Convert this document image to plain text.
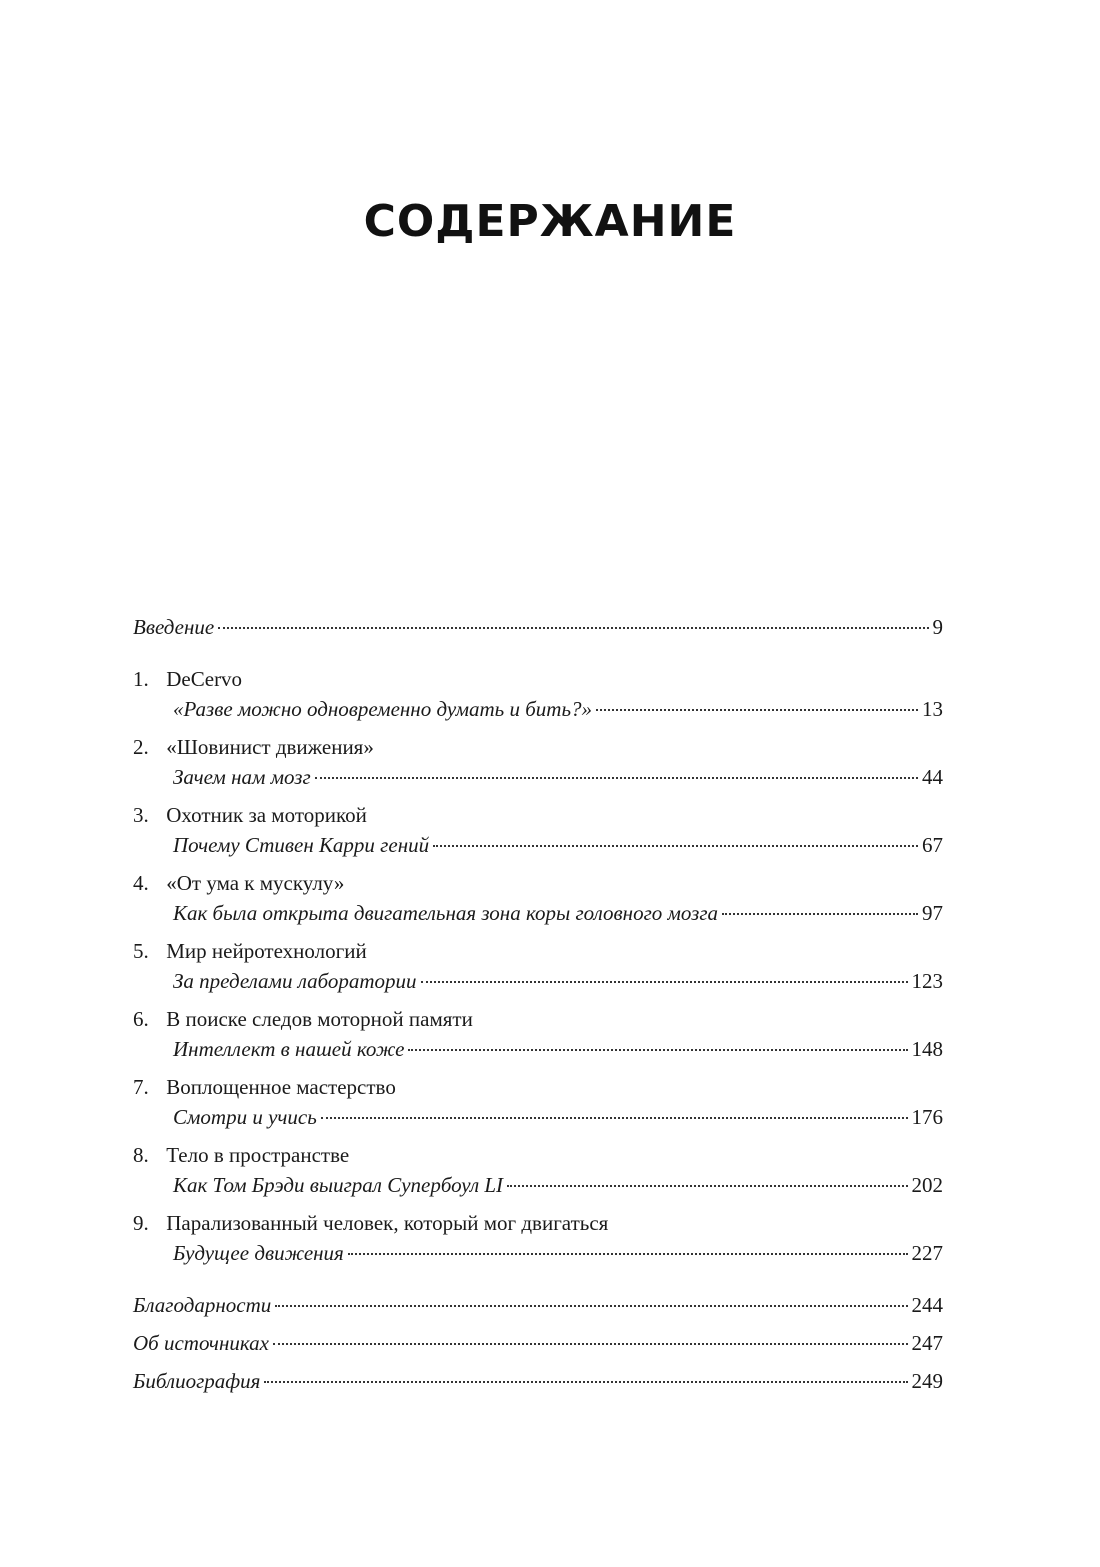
СОДЕРЖАНИЕ
Введение	9
1. DeCervo
«Разве можно одновременно думать и бить?»	13
2. «Шовинист движения»
Зачем нам мозг	44
3. Охотник за моторикой
Почему Стивен Карри гений	67
4. «От ума к мускулу»
Как была открыта двигательная зона коры головного мозга	97
5. Мир нейротехнологий
За пределами лаборатории	123
6. В поиске следов моторной памяти
Интеллект в нашей коже	148
7. Воплощенное мастерство
Смотри и учись	176
8. Тело в пространстве
Как Том Брэди выиграл Супербоул LI	202
9. Парализованный человек, который мог двигаться
Будущее движения	227
Благодарности	244
Об источниках	247
Библиография	249
